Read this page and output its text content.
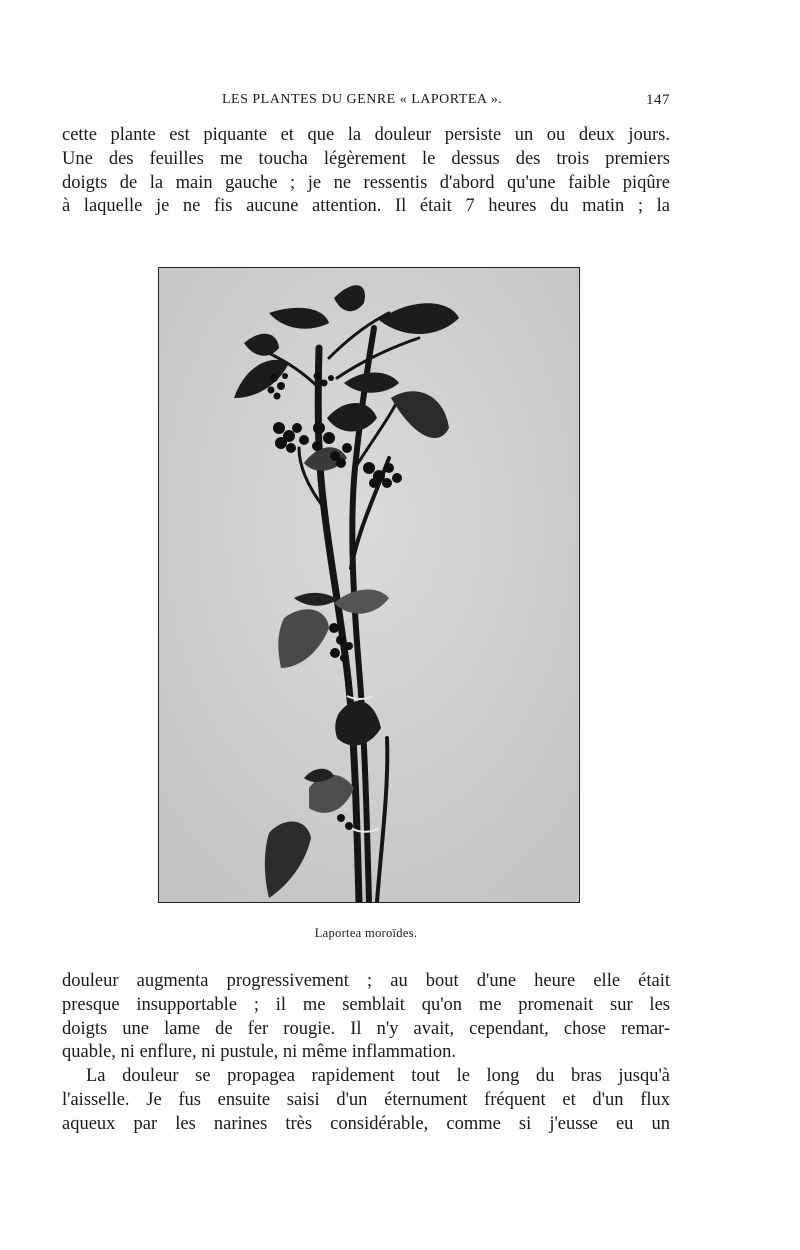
LES PLANTES DU GENRE « LAPORTEA ».	147

cette plante est piquante et que la douleur persiste un ou deux jours.
Une des feuilles me toucha légèrement le dessus des trois premiers
doigts de la main gauche ; je ne ressentis d'abord qu'une faible piqûre
à laquelle je ne fis aucune attention. Il était 7 heures du matin ; la

Laportea moroïdes.

douleur augmenta progressivement ; au bout d'une heure elle était
presque insupportable ; il me semblait qu'on me promenait sur les
doigts une lame de fer rougie. Il n'y avait, cependant, chose remar-
quable, ni enflure, ni pustule, ni même inflammation.
La douleur se propagea rapidement tout le long du bras jusqu'à
l'aisselle. Je fus ensuite saisi d'un éternument fréquent et d'un flux
aqueux par les narines très considérable, comme si j'eusse eu un
